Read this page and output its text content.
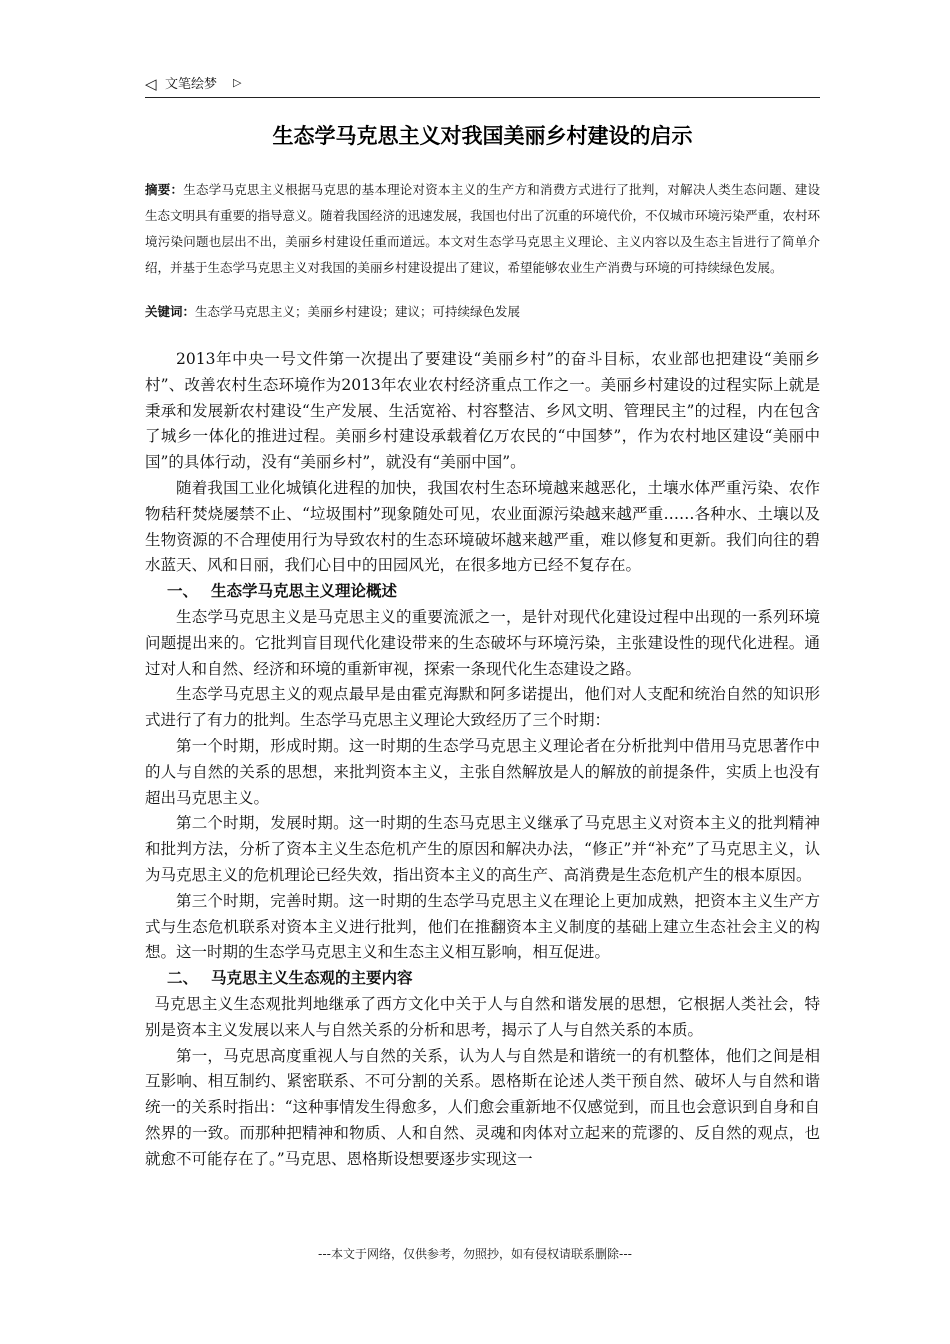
◁ 文笔绘梦 ▷
生态学马克思主义对我国美丽乡村建设的启示
摘要：生态学马克思主义根据马克思的基本理论对资本主义的生产方和消费方式进行了批判，对解决人类生态问题、建设生态文明具有重要的指导意义。随着我国经济的迅速发展，我国也付出了沉重的环境代价，不仅城市环境污染严重，农村环境污染问题也层出不出，美丽乡村建设任重而道远。本文对生态学马克思主义理论、主义内容以及生态主旨进行了简单介绍，并基于生态学马克思主义对我国的美丽乡村建设提出了建议，希望能够农业生产消费与环境的可持续绿色发展。
关键词：生态学马克思主义；美丽乡村建设；建议；可持续绿色发展

2013年中央一号文件第一次提出了要建设“美丽乡村”的奋斗目标，农业部也把建设“美丽乡村”、改善农村生态环境作为2013年农业农村经济重点工作之一。美丽乡村建设的过程实际上就是秉承和发展新农村建设“生产发展、生活宽裕、村容整洁、乡风文明、管理民主”的过程，内在包含了城乡一体化的推进过程。美丽乡村建设承载着亿万农民的“中国梦”，作为农村地区建设“美丽中国”的具体行动，没有“美丽乡村”，就没有“美丽中国”。

随着我国工业化城镇化进程的加快，我国农村生态环境越来越恶化，土壤水体严重污染、农作物秸秆焚烧屡禁不止、“垃圾围村”现象随处可见，农业面源污染越来越严重……各种水、土壤以及生物资源的不合理使用行为导致农村的生态环境破坏越来越严重，难以修复和更新。我们向往的碧水蓝天、风和日丽，我们心目中的田园风光，在很多地方已经不复存在。

一、 生态学马克思主义理论概述

生态学马克思主义是马克思主义的重要流派之一，是针对现代化建设过程中出现的一系列环境问题提出来的。它批判盲目现代化建设带来的生态破坏与环境污染，主张建设性的现代化进程。通过对人和自然、经济和环境的重新审视，探索一条现代化生态建设之路。

生态学马克思主义的观点最早是由霍克海默和阿多诺提出，他们对人支配和统治自然的知识形式进行了有力的批判。生态学马克思主义理论大致经历了三个时期：

第一个时期，形成时期。这一时期的生态学马克思主义理论者在分析批判中借用马克思著作中的人与自然的关系的思想，来批判资本主义，主张自然解放是人的解放的前提条件，实质上也没有超出马克思主义。

第二个时期，发展时期。这一时期的生态马克思主义继承了马克思主义对资本主义的批判精神和批判方法，分析了资本主义生态危机产生的原因和解决办法，“修正”并“补充”了马克思主义，认为马克思主义的危机理论已经失效，指出资本主义的高生产、高消费是生态危机产生的根本原因。

第三个时期，完善时期。这一时期的生态学马克思主义在理论上更加成熟，把资本主义生产方式与生态危机联系对资本主义进行批判，他们在推翻资本主义制度的基础上建立生态社会主义的构想。这一时期的生态学马克思主义和生态主义相互影响，相互促进。

二、 马克思主义生态观的主要内容

马克思主义生态观批判地继承了西方文化中关于人与自然和谐发展的思想，它根据人类社会，特别是资本主义发展以来人与自然关系的分析和思考，揭示了人与自然关系的本质。

第一，马克思高度重视人与自然的关系，认为人与自然是和谐统一的有机整体，他们之间是相互影响、相互制约、紧密联系、不可分割的关系。恩格斯在论述人类干预自然、破坏人与自然和谐统一的关系时指出：“这种事情发生得愈多，人们愈会重新地不仅感觉到，而且也会意识到自身和自然界的一致。而那种把精神和物质、人和自然、灵魂和肉体对立起来的荒谬的、反自然的观点，也就愈不可能存在了。”马克思、恩格斯设想要逐步实现这一

---本文于网络，仅供参考，勿照抄，如有侵权请联系删除---
